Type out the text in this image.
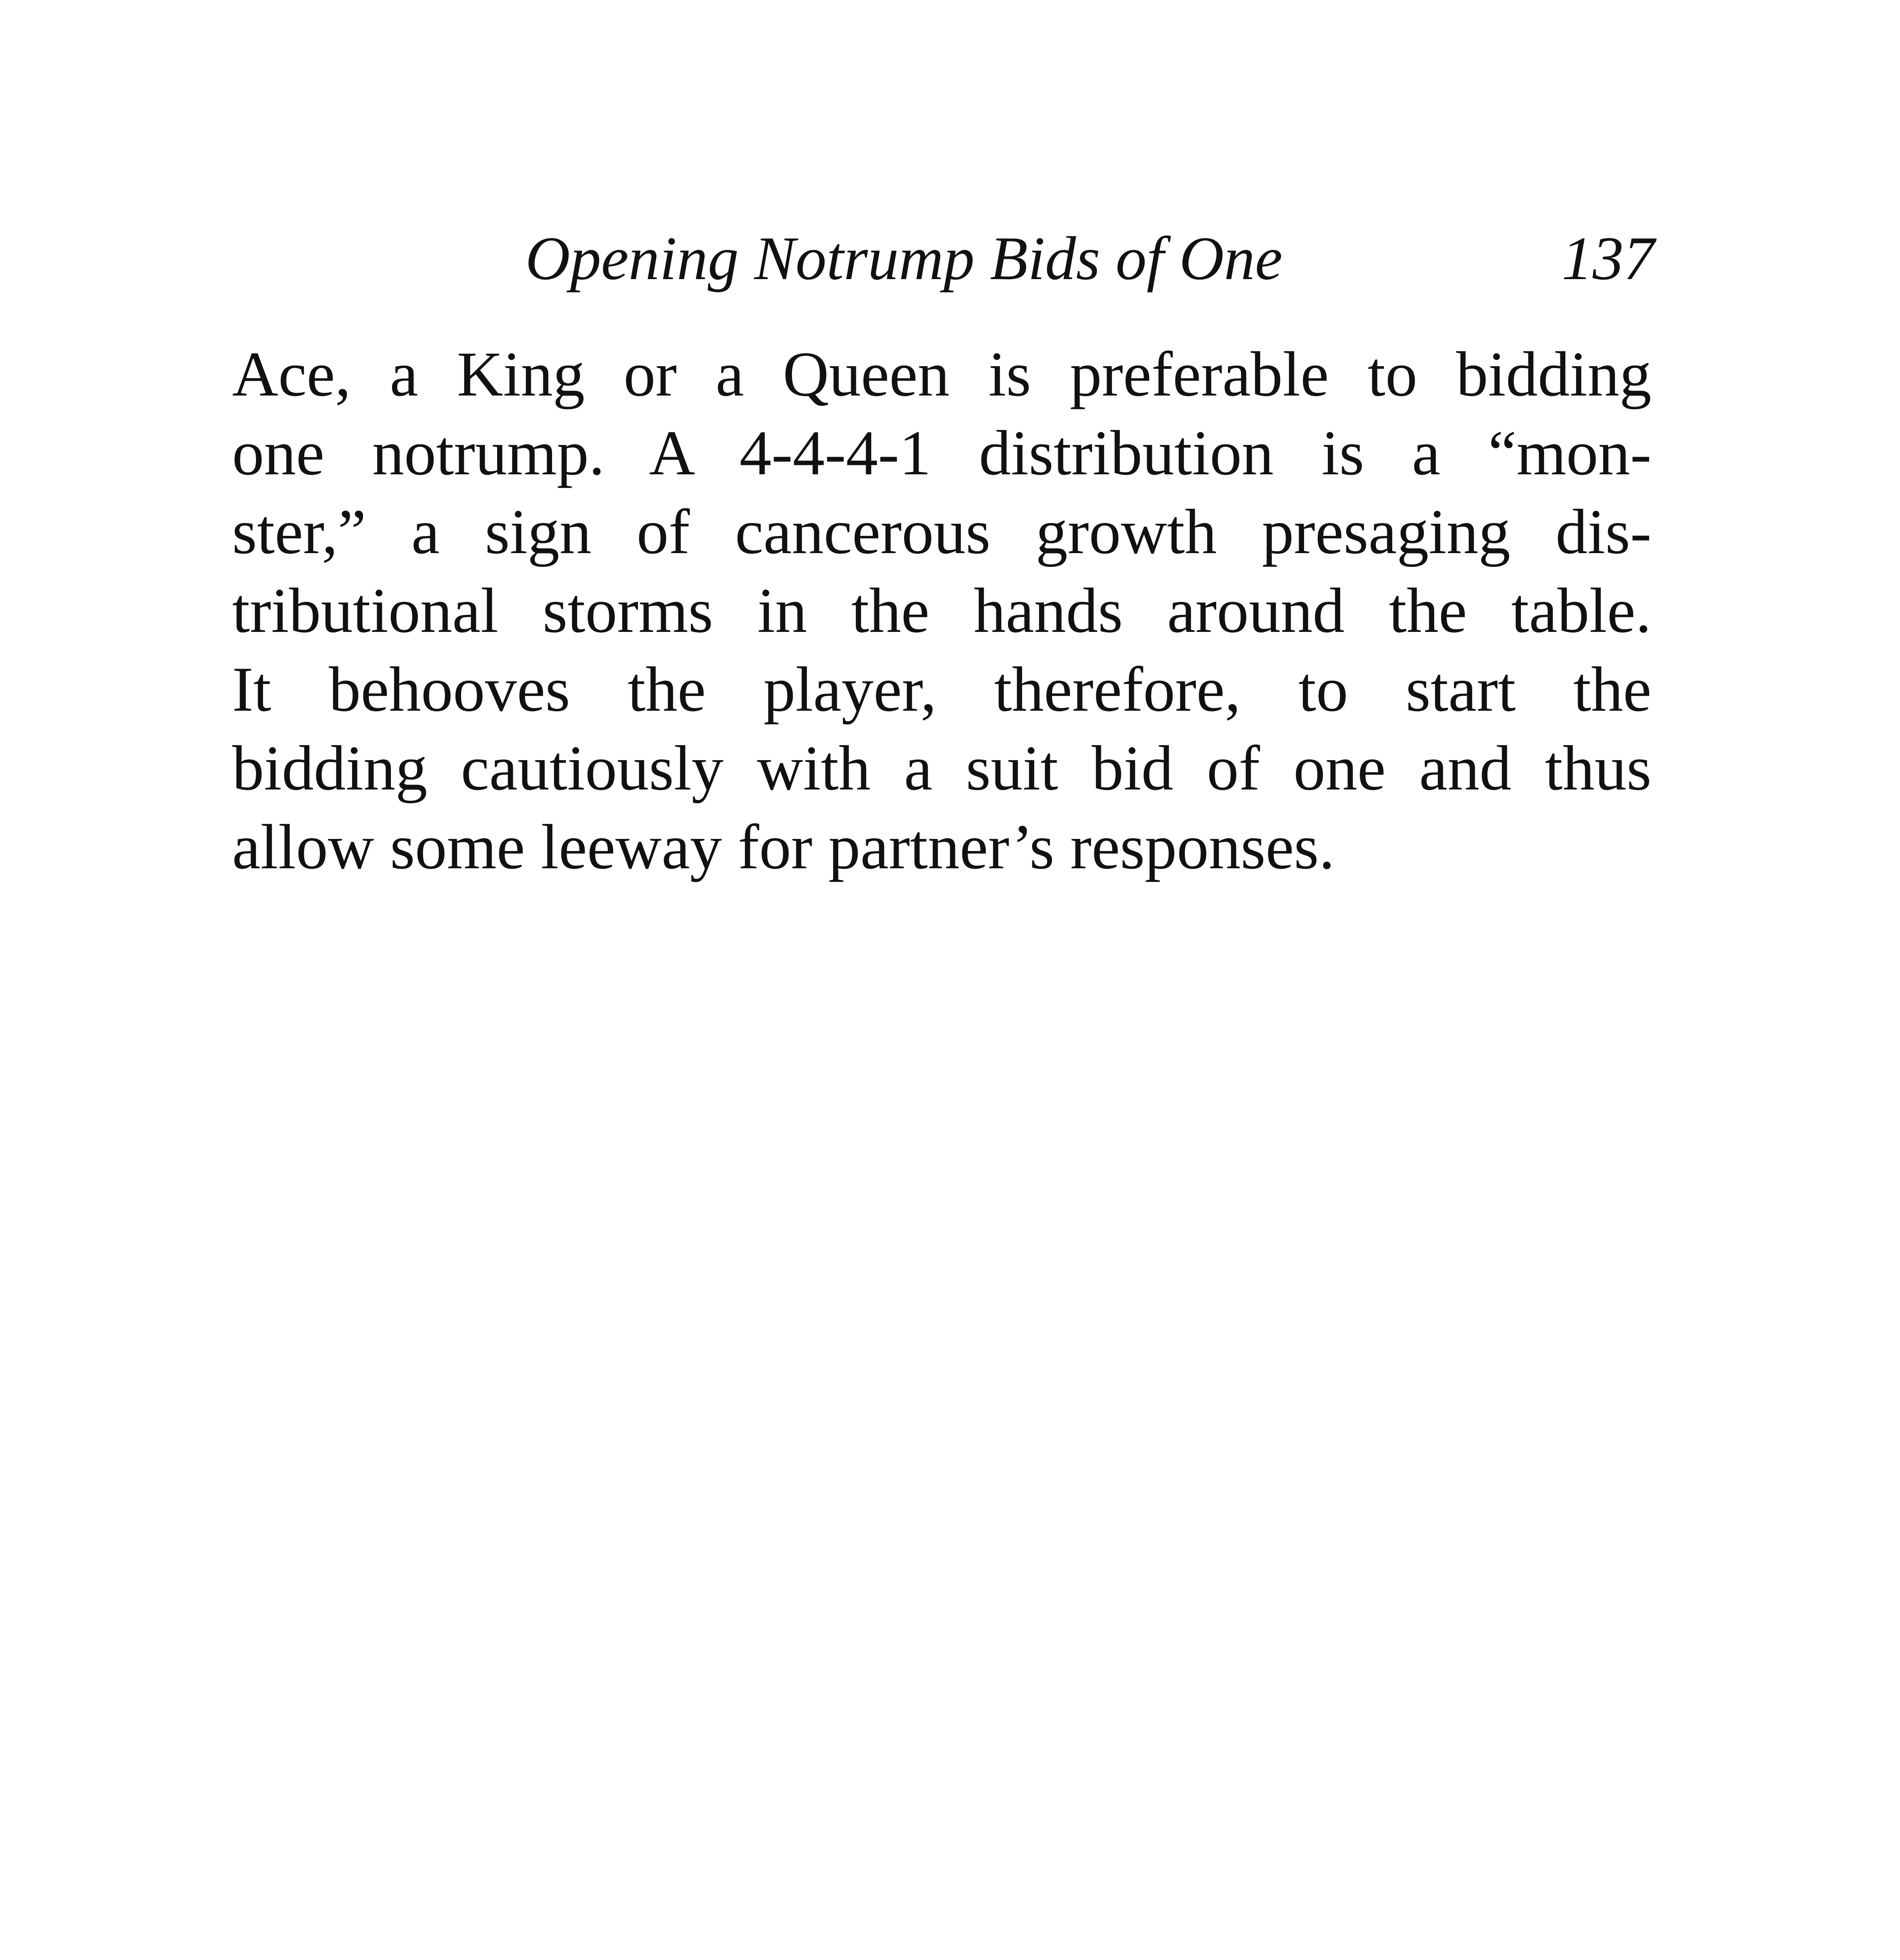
Opening Notrump Bids of One	137
Ace, a King or a Queen is preferable to bidding
one notrump. A 4-4-4-1 distribution is a “mon-
ster,” a sign of cancerous growth presaging dis-
tributional storms in the hands around the table.
It behooves the player, therefore, to start the
bidding cautiously with a suit bid of one and thus
allow some leeway for partner’s responses.
